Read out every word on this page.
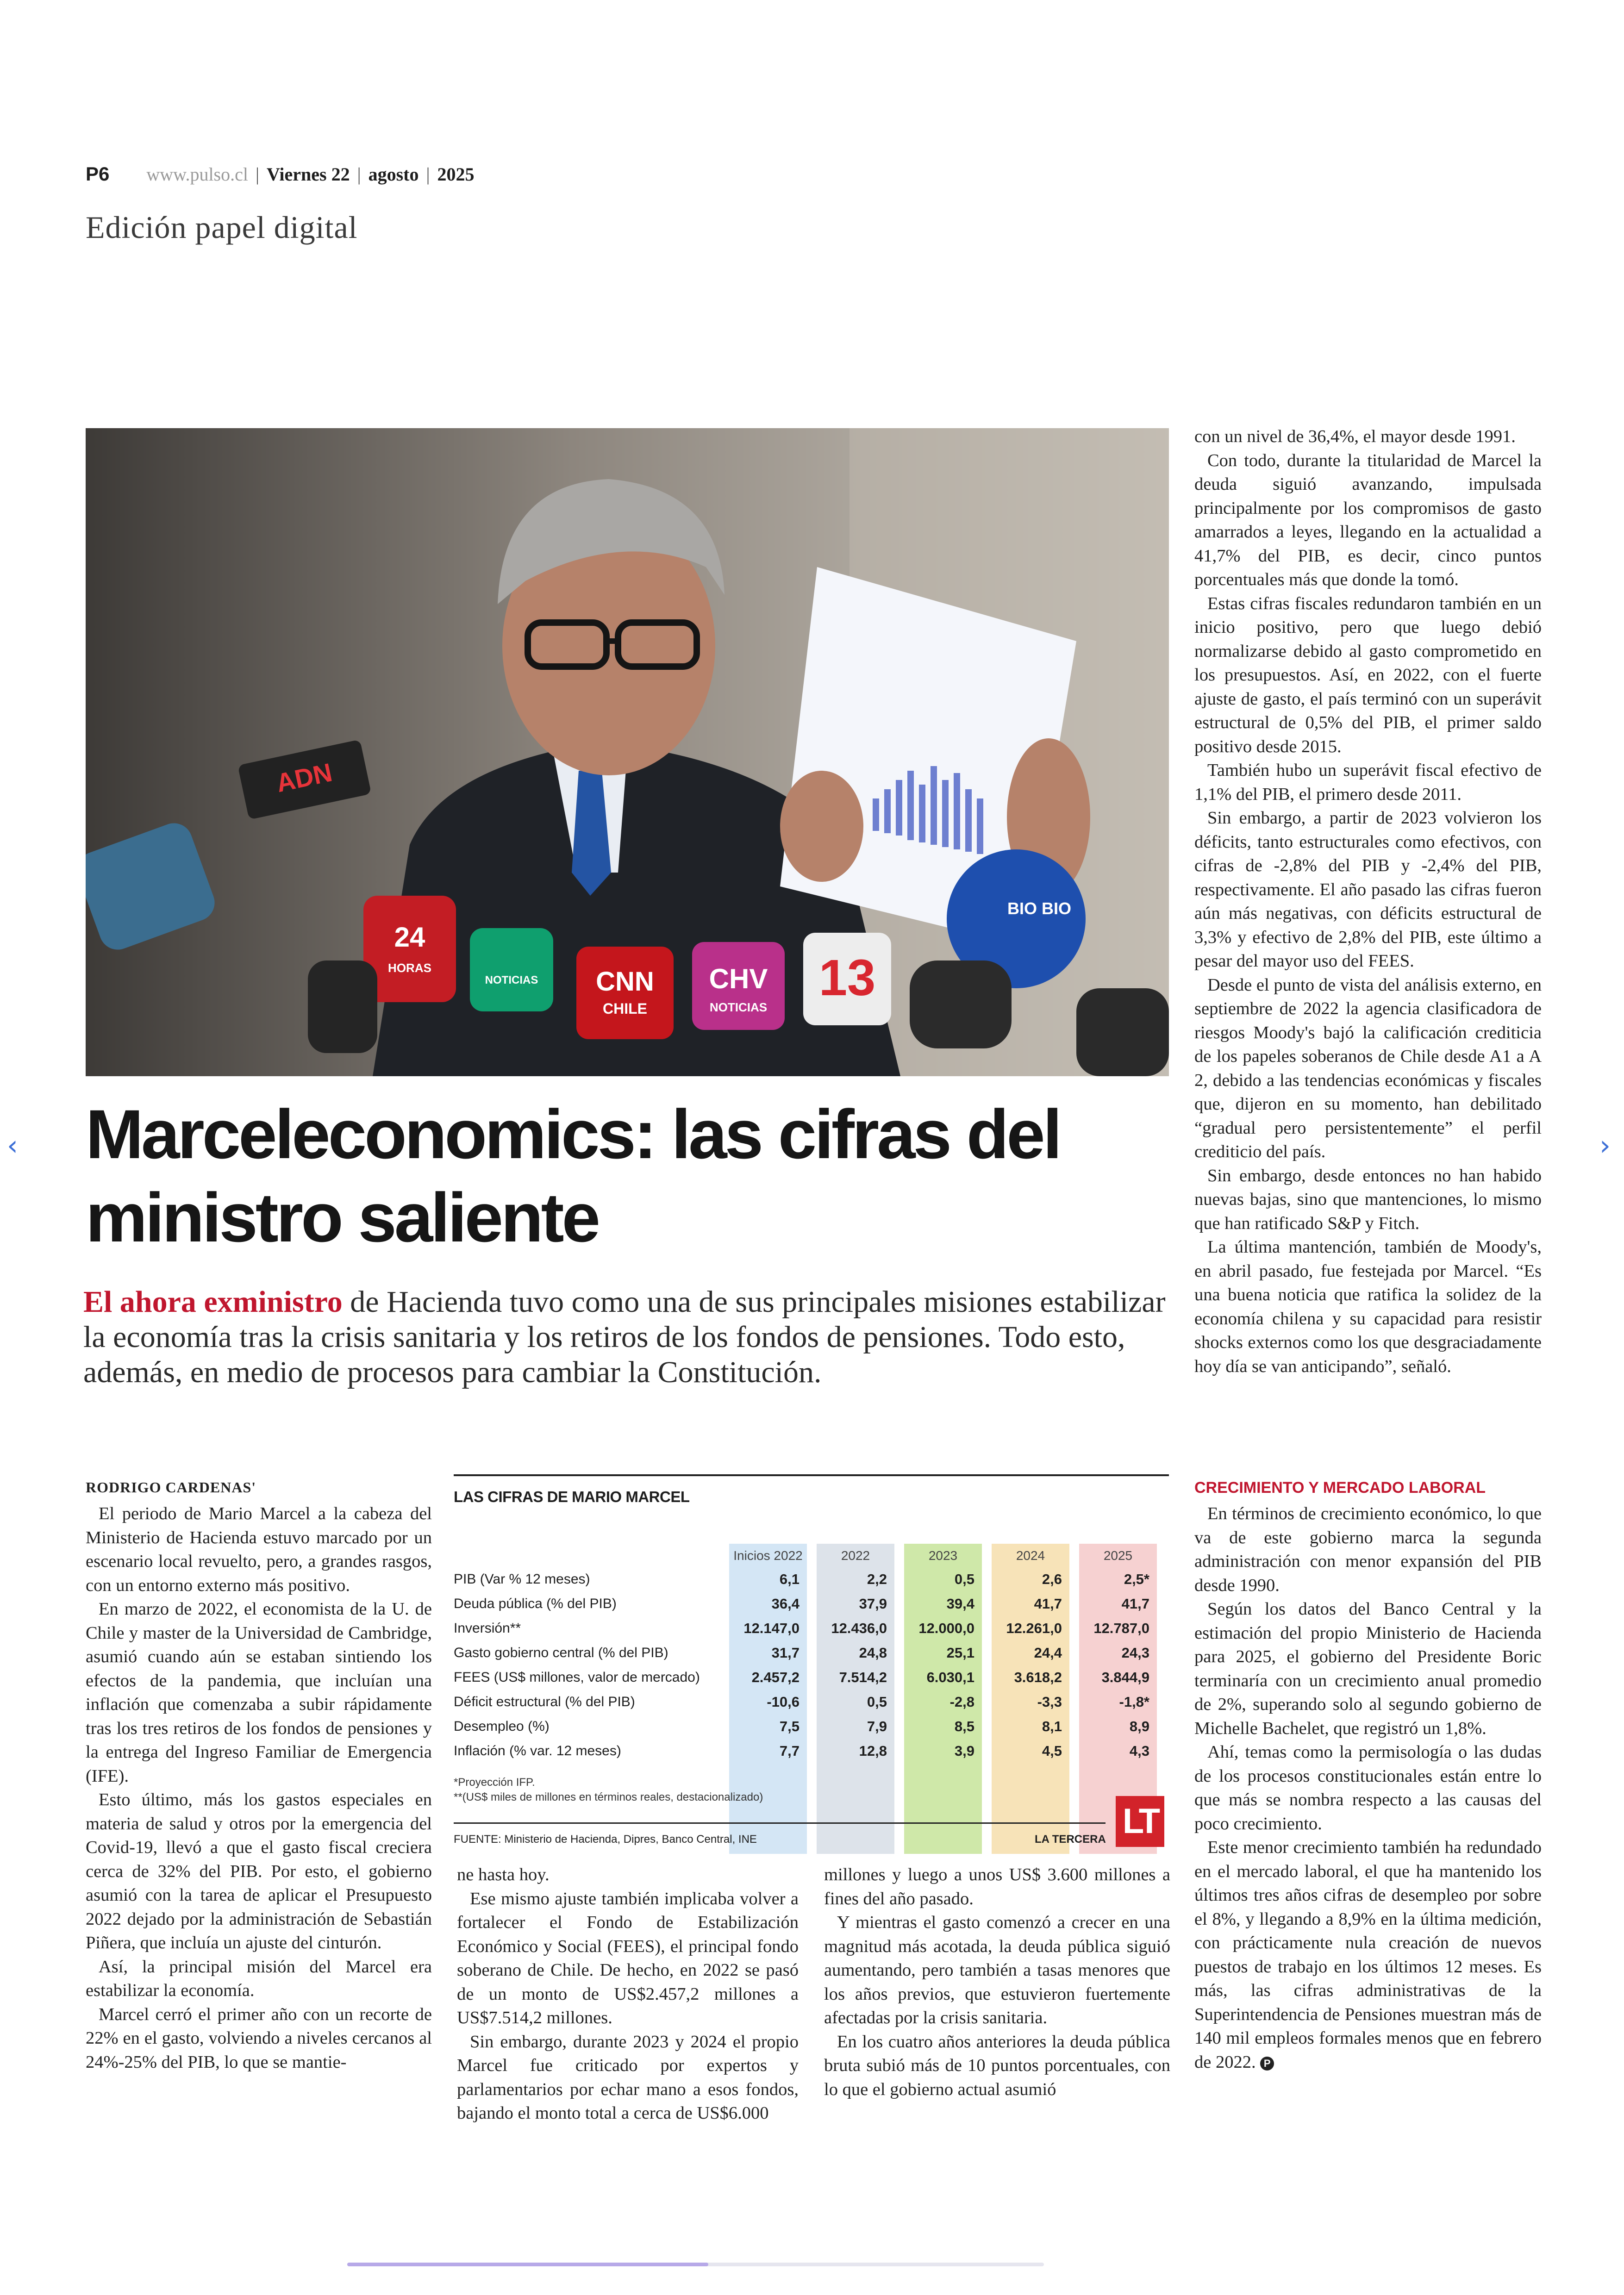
P6 www.pulso.cl | Viernes 22 | agosto | 2025
Edición papel digital
ADN
24
HORAS
NOTICIAS CNN
CHILE
CHV
NOTICIAS
13
BIO BIO
Marceleconomics: las cifras del ministro saliente

El ahora exministro de Hacienda tuvo como una de sus principales misiones estabilizar la economía tras la crisis sanitaria y los retiros de los fondos de pensiones. Todo esto, además, en medio de procesos para cambiar la Constitución.

RODRIGO CARDENAS'

El periodo de Mario Marcel a la cabeza del Ministerio de Hacienda estuvo marcado por un escenario local revuelto, pero, a grandes rasgos, con un entorno externo más positivo.

En marzo de 2022, el economista de la U. de Chile y master de la Universidad de Cambridge, asumió cuando aún se estaban sintiendo los efectos de la pandemia, que incluían una inflación que comenzaba a subir rápidamente tras los tres retiros de los fondos de pensiones y la entrega del Ingreso Familiar de Emergencia (IFE).

Esto último, más los gastos especiales en materia de salud y otros por la emergencia del Covid-19, llevó a que el gasto fiscal creciera cerca de 32% del PIB. Por esto, el gobierno asumió con la tarea de aplicar el Presupuesto 2022 dejado por la administración de Sebastián Piñera, que incluía un ajuste del cinturón.

Así, la principal misión del Marcel era estabilizar la economía.

Marcel cerró el primer año con un recorte de 22% en el gasto, volviendo a niveles cercanos al 24%-25% del PIB, lo que se mantie-

ne hasta hoy.

Ese mismo ajuste también implicaba volver a fortalecer el Fondo de Estabilización Económico y Social (FEES), el principal fondo soberano de Chile. De hecho, en 2022 se pasó de un monto de US$2.457,2 millones a US$7.514,2 millones.

Sin embargo, durante 2023 y 2024 el propio Marcel fue criticado por expertos y parlamentarios por echar mano a esos fondos, bajando el monto total a cerca de US$6.000

millones y luego a unos US$ 3.600 millones a fines del año pasado.

Y mientras el gasto comenzó a crecer en una magnitud más acotada, la deuda pública siguió aumentando, pero también a tasas menores que los años previos, que estuvieron fuertemente afectadas por la crisis sanitaria.

En los cuatro años anteriores la deuda pública bruta subió más de 10 puntos porcentuales, con lo que el gobierno actual asumió

con un nivel de 36,4%, el mayor desde 1991.

Con todo, durante la titularidad de Marcel la deuda siguió avanzando, impulsada principalmente por los compromisos de gasto amarrados a leyes, llegando en la actualidad a 41,7% del PIB, es decir, cinco puntos porcentuales más que donde la tomó.

Estas cifras fiscales redundaron también en un inicio positivo, pero que luego debió normalizarse debido al gasto comprometido en los presupuestos. Así, en 2022, con el fuerte ajuste de gasto, el país terminó con un superávit estructural de 0,5% del PIB, el primer saldo positivo desde 2015.

También hubo un superávit fiscal efectivo de 1,1% del PIB, el primero desde 2011.

Sin embargo, a partir de 2023 volvieron los déficits, tanto estructurales como efectivos, con cifras de -2,8% del PIB y -2,4% del PIB, respectivamente. El año pasado las cifras fueron aún más negativas, con déficits estructural de 3,3% y efectivo de 2,8% del PIB, este último a pesar del mayor uso del FEES.

Desde el punto de vista del análisis externo, en septiembre de 2022 la agencia clasificadora de riesgos Moody's bajó la calificación crediticia de los papeles soberanos de Chile desde A1 a A 2, debido a las tendencias económicas y fiscales que, dijeron en su momento, han debilitado “gradual pero persistentemente” el perfil crediticio del país.

Sin embargo, desde entonces no han habido nuevas bajas, sino que mantenciones, lo mismo que han ratificado S&P y Fitch.

La última mantención, también de Moody's, en abril pasado, fue festejada por Marcel. “Es una buena noticia que ratifica la solidez de la economía chilena y su capacidad para resistir shocks externos como los que desgraciadamente hoy día se van anticipando”, señaló.

CRECIMIENTO Y MERCADO LABORAL

En términos de crecimiento económico, lo que va de este gobierno marca la segunda administración con menor expansión del PIB desde 1990.

Según los datos del Banco Central y la estimación del propio Ministerio de Hacienda para 2025, el gobierno del Presidente Boric terminaría con un crecimiento anual promedio de 2%, superando solo al segundo gobierno de Michelle Bachelet, que registró un 1,8%.

Ahí, temas como la permisología o las dudas de los procesos constitucionales están entre lo que más se nombra respecto a las causas del poco crecimiento.

Este menor crecimiento también ha redundado en el mercado laboral, el que ha mantenido los últimos tres años cifras de desempleo por sobre el 8%, y llegando a 8,9% en la última medición, con prácticamente nula creación de nuevos puestos de trabajo en los últimos 12 meses. Es más, las cifras administrativas de la Superintendencia de Pensiones muestran más de 140 mil empleos formales menos que en febrero de 2022. P

LAS CIFRAS DE MARIO MARCEL
Inicios 2022	2022	2023	2024	2025
PIB (Var % 12 meses)	6,1	2,2	0,5	2,6	2,5*
Deuda pública (% del PIB)	36,4	37,9	39,4	41,7	41,7
Inversión**	12.147,0	12.436,0	12.000,0	12.261,0	12.787,0
Gasto gobierno central (% del PIB)	31,7	24,8	25,1	24,4	24,3
FEES (US$ millones, valor de mercado)	2.457,2	7.514,2	6.030,1	3.618,2	3.844,9
Déficit estructural (% del PIB)	-10,6	0,5	-2,8	-3,3	-1,8*
Desempleo (%)	7,5	7,9	8,5	8,1	8,9
Inflación (% var. 12 meses)	7,7	12,8	3,9	4,5	4,3
*Proyección IFP.
**(US$ miles de millones en términos reales, destacionalizado)
LT
FUENTE: Ministerio de Hacienda, Dipres, Banco Central, INE	LA TERCERA
‹	›
